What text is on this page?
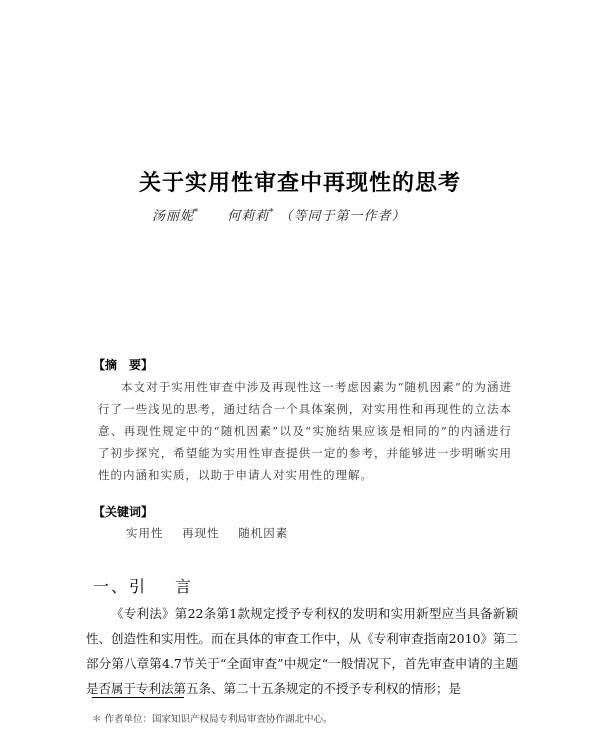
关于实用性审查中再现性的思考
汤丽妮* 何莉莉* （等同于第一作者）
【摘　要】
本文对于实用性审查中涉及再现性这一考虑因素为“随机因素”的为涵进行了一些浅见的思考，通过结合一个具体案例，对实用性和再现性的立法本意、再现性规定中的“随机因素”以及“实施结果应该是相同的”的内涵进行了初步探究，希望能为实用性审查提供一定的参考，并能够进一步明晰实用性的内涵和实质，以助于申请人对实用性的理解。
【关键词】
实用性 再现性 随机因素
一、引 言
《专利法》第22条第1款规定授予专利权的发明和实用新型应当具备新颖性、创造性和实用性。而在具体的审查工作中，从《专利审查指南2010》第二部分第八章第4.7节关于“全面审查”中规定“一般情况下，首先审查申请的主题是否属于专利法第五条、第二十五条规定的不授予专利权的情形；是
＊ 作者单位：国家知识产权局专利局审查协作湖北中心。
